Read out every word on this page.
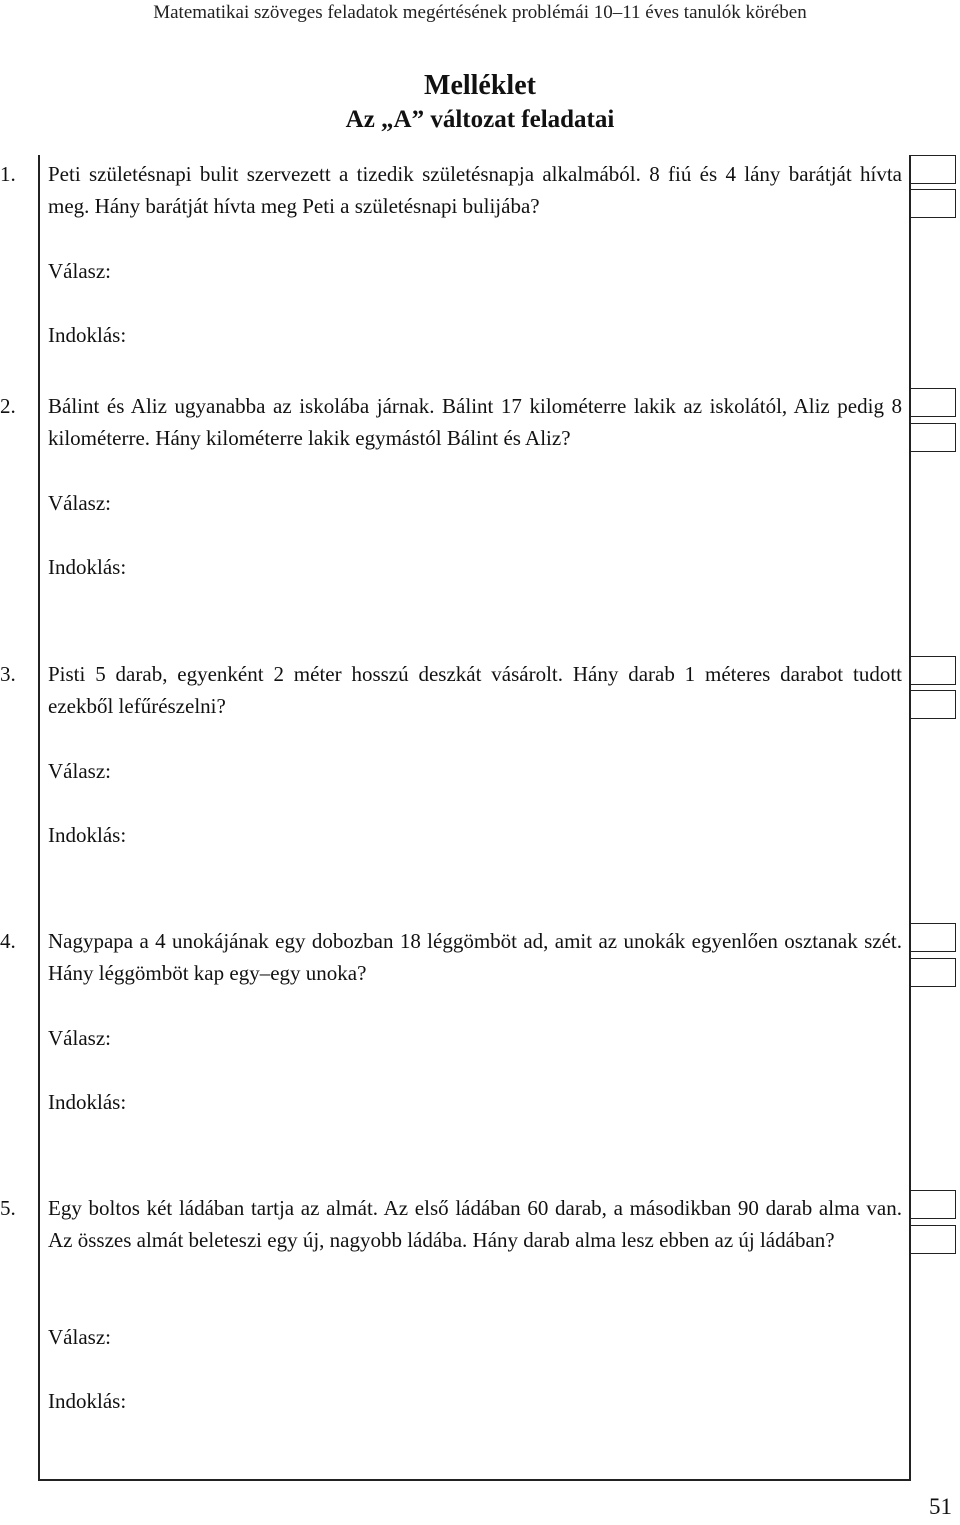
Matematikai szöveges feladatok megértésének problémái 10–11 éves tanulók körében
Melléklet
Az „A” változat feladatai
1. Peti születésnapi bulit szervezett a tizedik születésnapja alkalmából. 8 fiú és 4 lány barátját hívta meg. Hány barátját hívta meg Peti a születésnapi bulijába?
Válasz:
Indoklás:
2. Bálint és Aliz ugyanabba az iskolába járnak. Bálint 17 kilométerre lakik az iskolától, Aliz pedig 8 kilométerre. Hány kilométerre lakik egymástól Bálint és Aliz?
Válasz:
Indoklás:
3. Pisti 5 darab, egyenként 2 méter hosszú deszkát vásárolt. Hány darab 1 méteres darabot tudott ezekből lefűrészelni?
Válasz:
Indoklás:
4. Nagypapa a 4 unokájának egy dobozban 18 léggömböt ad, amit az unokák egyenlően osztanak szét. Hány léggömböt kap egy–egy unoka?
Válasz:
Indoklás:
5. Egy boltos két ládában tartja az almát. Az első ládában 60 darab, a másodikban 90 darab alma van. Az összes almát beleteszi egy új, nagyobb ládába. Hány darab alma lesz ebben az új ládában?
Válasz:
Indoklás:
51
